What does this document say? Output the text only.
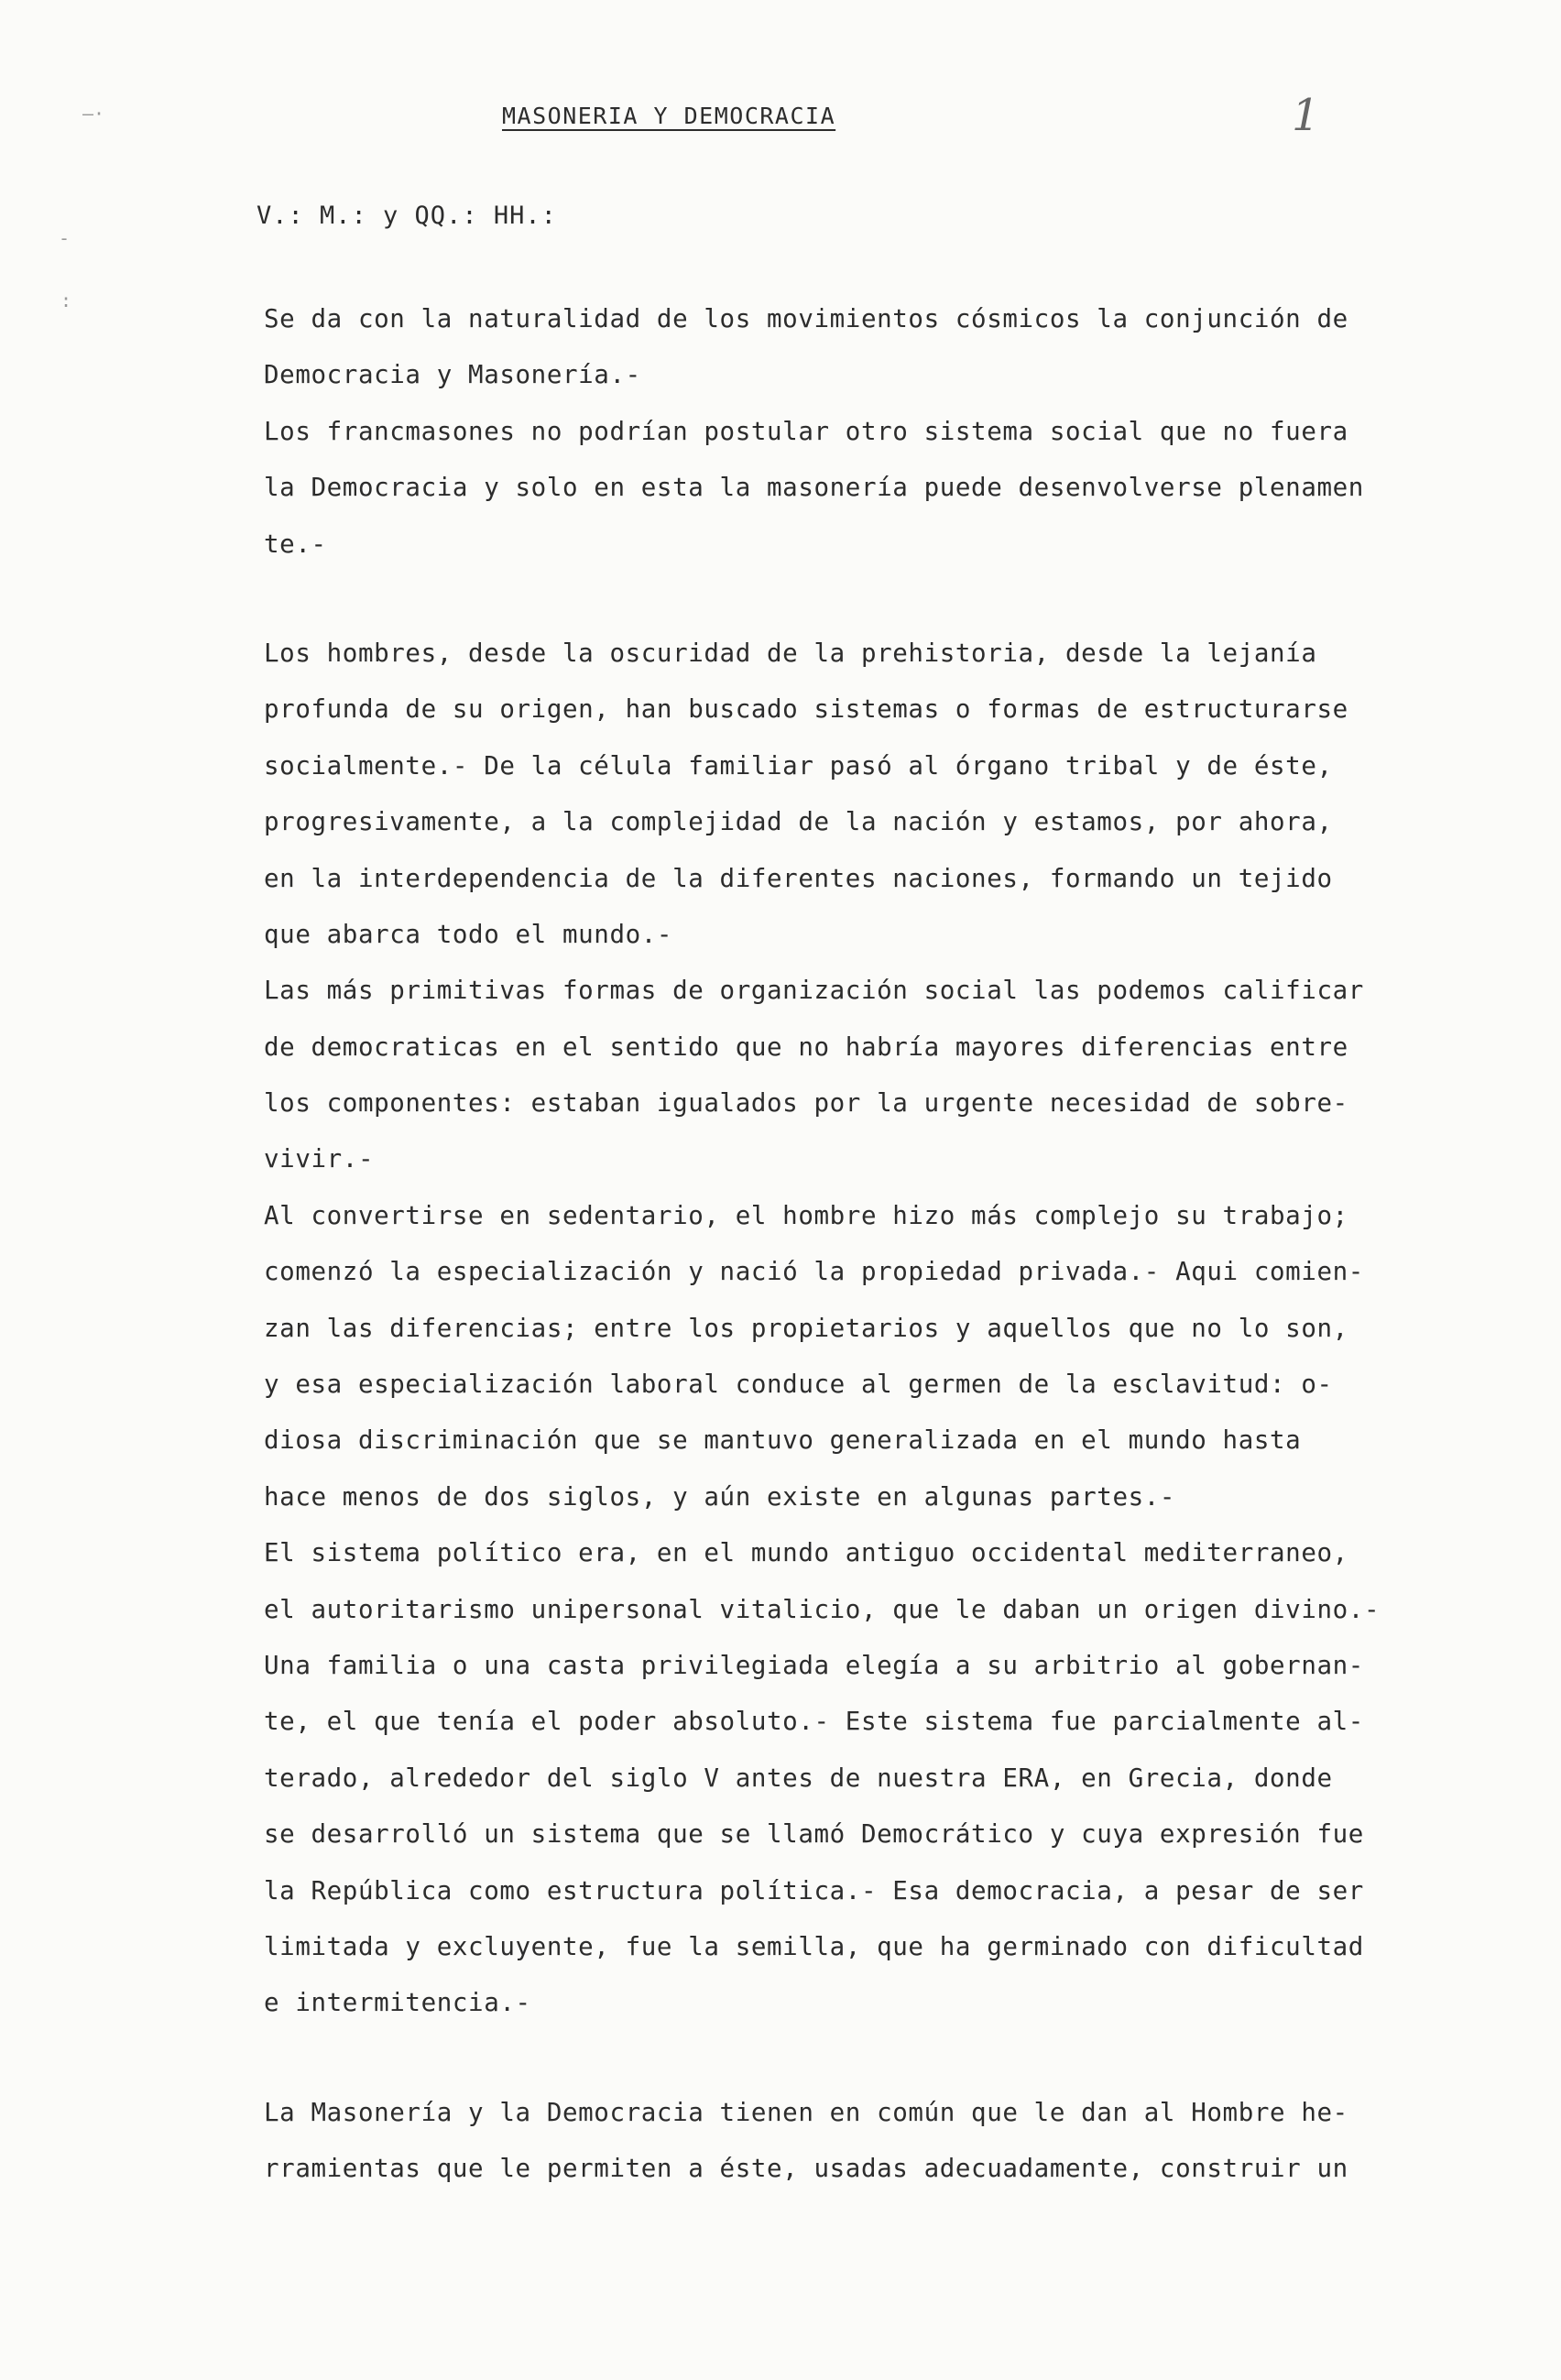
—·
-
:
MASONERIA Y DEMOCRACIA	1
V.: M.: y QQ.: HH.:
Se da con la naturalidad de los movimientos cósmicos la conjunción de
Democracia y Masonería.-
Los francmasones no podrían postular otro sistema social que no fuera
la Democracia y solo en esta la masonería puede desenvolverse plenamen
te.-
Los hombres, desde la oscuridad de la prehistoria, desde la lejanía
profunda de su origen, han buscado sistemas o formas de estructurarse
socialmente.- De la célula familiar pasó al órgano tribal y de éste,
progresivamente, a la complejidad de la nación y estamos, por ahora,
en la interdependencia de la diferentes naciones, formando un tejido
que abarca todo el mundo.-
Las más primitivas formas de organización social las podemos calificar
de democraticas en el sentido que no habría mayores diferencias entre
los componentes: estaban igualados por la urgente necesidad de sobre-
vivir.-
Al convertirse en sedentario, el hombre hizo más complejo su trabajo;
comenzó la especialización y nació la propiedad privada.- Aqui comien-
zan las diferencias; entre los propietarios y aquellos que no lo son,
y esa especialización laboral conduce al germen de la esclavitud: o-
diosa discriminación que se mantuvo generalizada en el mundo hasta
hace menos de dos siglos, y aún existe en algunas partes.-
El sistema político era, en el mundo antiguo occidental mediterraneo,
el autoritarismo unipersonal vitalicio, que le daban un origen divino.-
Una familia o una casta privilegiada elegía a su arbitrio al gobernan-
te, el que tenía el poder absoluto.- Este sistema fue parcialmente al-
terado, alrededor del siglo V antes de nuestra ERA, en Grecia, donde
se desarrolló un sistema que se llamó Democrático y cuya expresión fue
la República como estructura política.- Esa democracia, a pesar de ser
limitada y excluyente, fue la semilla, que ha germinado con dificultad
e intermitencia.-
La Masonería y la Democracia tienen en común que le dan al Hombre he-
rramientas que le permiten a éste, usadas adecuadamente, construir un
